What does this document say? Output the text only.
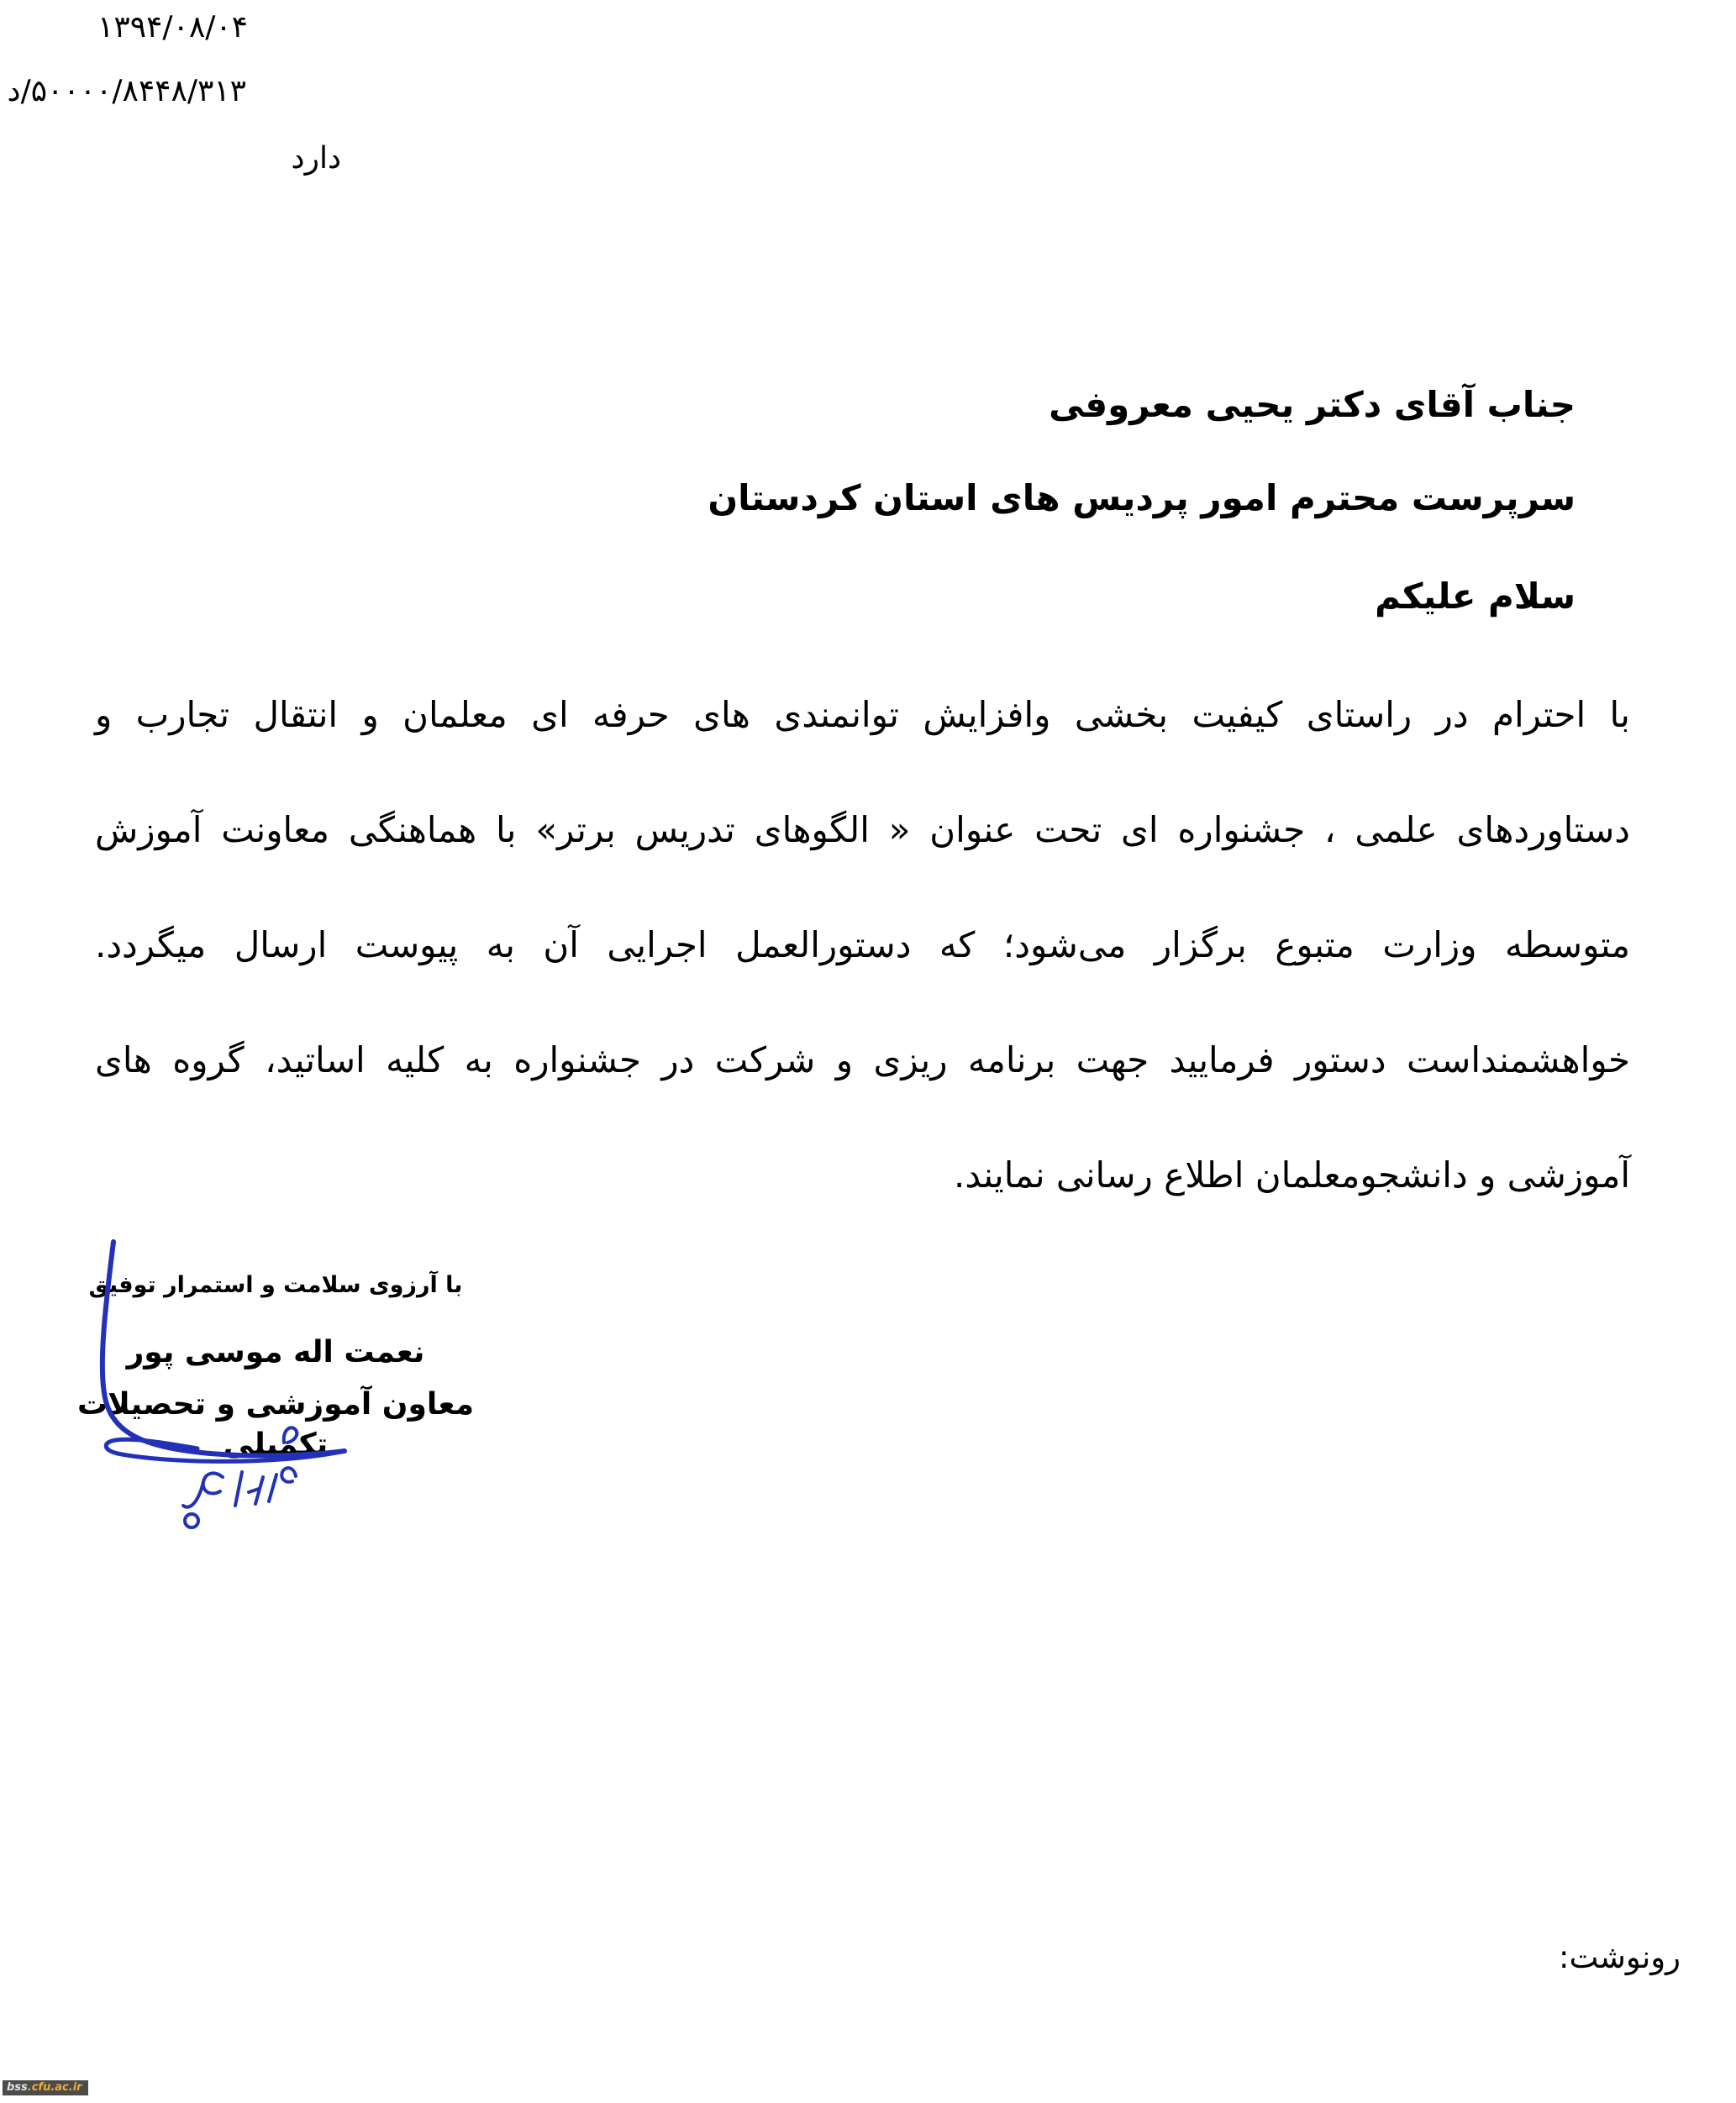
۱۳۹۴/۰۸/۰۴
۵۰۰۰۰/۸۴۴۸/۳۱۳/د
دارد
جناب آقای دکتر یحیی معروفی
سرپرست محترم امور پردیس های استان کردستان
سلام علیکم
با احترام در راستای کیفیت بخشی وافزایش توانمندی های حرفه ای معلمان و انتقال تجارب و
دستاوردهای علمی ، جشنواره ای تحت عنوان « الگوهای تدریس برتر» با هماهنگی معاونت آموزش
متوسطه وزارت متبوع برگزار می‌شود؛ که دستورالعمل اجرایی آن به پیوست ارسال میگردد.
خواهشمنداست دستور فرمایید جهت برنامه ریزی و شرکت در جشنواره به کلیه اساتید، گروه های
آموزشی و دانشجومعلمان اطلاع رسانی نمایند.
با آرزوی سلامت و استمرار توفیق
نعمت اله موسی پور
معاون آموزشی و تحصیلات تکمیلی
رونوشت:
bss.cfu.ac.ir
